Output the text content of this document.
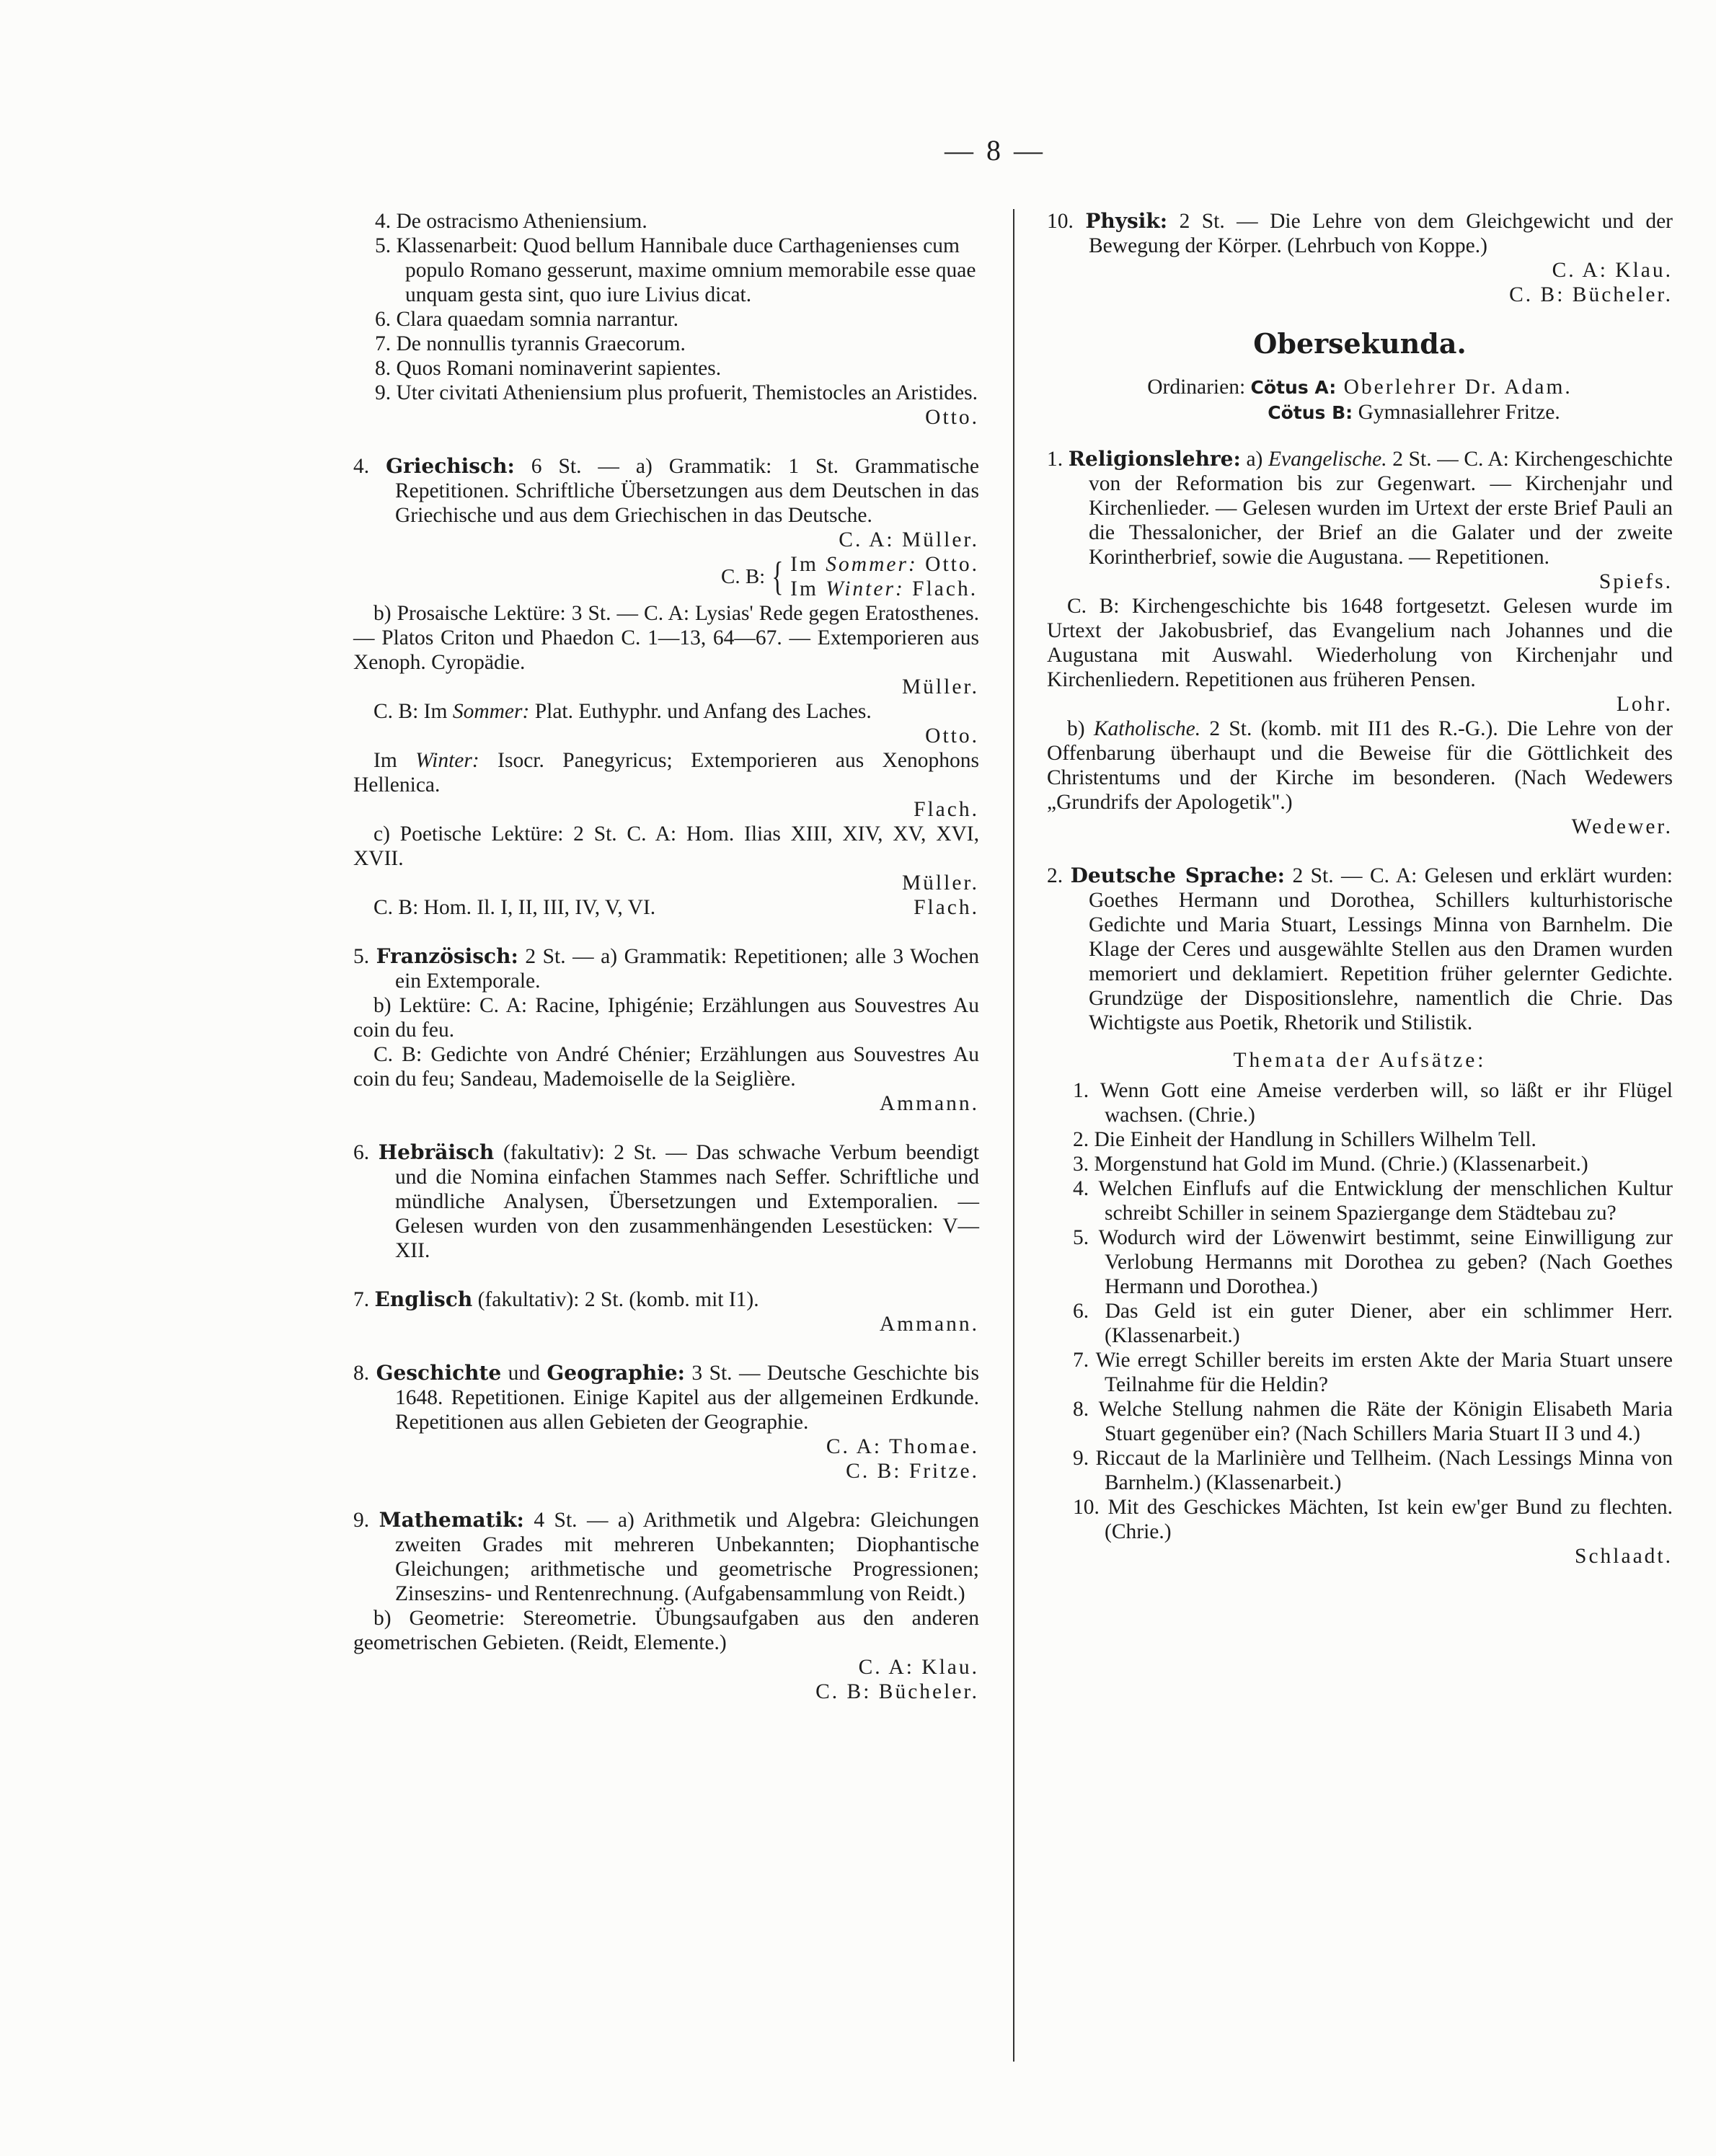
— 8 —
4. De ostracismo Atheniensium.
5. Klassenarbeit: Quod bellum Hannibale duce Carthagenienses cum populo Romano gesserunt, maxime omnium memorabile esse quae unquam gesta sint, quo iure Livius dicat.
6. Clara quaedam somnia narrantur.
7. De nonnullis tyrannis Graecorum.
8. Quos Romani nominaverint sapientes.
9. Uter civitati Atheniensium plus profuerit, Themistocles an Aristides.
Otto.
4. Griechisch: 6 St. — a) Grammatik: 1 St. Grammatische Repetitionen. Schriftliche Übersetzungen aus dem Deutschen in das Griechische und aus dem Griechischen in das Deutsche.
C. A: Müller.
C. B: { Im Sommer: Otto.
Im Winter: Flach.
b) Prosaische Lektüre: 3 St. — C. A: Lysias' Rede gegen Eratosthenes. — Platos Criton und Phaedon C. 1—13, 64—67. — Extemporieren aus Xenoph. Cyropädie.
Müller.
C. B: Im Sommer: Plat. Euthyphr. und Anfang des Laches.
Otto.
Im Winter: Isocr. Panegyricus; Extemporieren aus Xenophons Hellenica.
Flach.
c) Poetische Lektüre: 2 St. C. A: Hom. Ilias XIII, XIV, XV, XVI, XVII.
Müller.
C. B: Hom. Il. I, II, III, IV, V, VI.	Flach.
5. Französisch: 2 St. — a) Grammatik: Repetitionen; alle 3 Wochen ein Extemporale.
b) Lektüre: C. A: Racine, Iphigénie; Erzählungen aus Souvestres Au coin du feu.
C. B: Gedichte von André Chénier; Erzählungen aus Souvestres Au coin du feu; Sandeau, Mademoiselle de la Seiglière.
Ammann.
6. Hebräisch (fakultativ): 2 St. — Das schwache Verbum beendigt und die Nomina einfachen Stammes nach Seffer. Schriftliche und mündliche Analysen, Übersetzungen und Extemporalien. — Gelesen wurden von den zusammenhängenden Lesestücken: V—XII.
7. Englisch (fakultativ): 2 St. (komb. mit I1).
Ammann.
8. Geschichte und Geographie: 3 St. — Deutsche Geschichte bis 1648. Repetitionen. Einige Kapitel aus der allgemeinen Erdkunde. Repetitionen aus allen Gebieten der Geographie.
C. A: Thomae.
C. B: Fritze.
9. Mathematik: 4 St. — a) Arithmetik und Algebra: Gleichungen zweiten Grades mit mehreren Unbekannten; Diophantische Gleichungen; arithmetische und geometrische Progressionen; Zinseszins- und Rentenrechnung. (Aufgabensammlung von Reidt.)
b) Geometrie: Stereometrie. Übungsaufgaben aus den anderen geometrischen Gebieten. (Reidt, Elemente.)
C. A: Klau.
C. B: Bücheler.
10. Physik: 2 St. — Die Lehre von dem Gleichgewicht und der Bewegung der Körper. (Lehrbuch von Koppe.)
C. A: Klau.
C. B: Bücheler.
Obersekunda.
Ordinarien: Cötus A: Oberlehrer Dr. Adam.
Cötus B: Gymnasiallehrer Fritze.
1. Religionslehre: a) Evangelische. 2 St. — C. A: Kirchengeschichte von der Reformation bis zur Gegenwart. — Kirchenjahr und Kirchenlieder. — Gelesen wurden im Urtext der erste Brief Pauli an die Thessalonicher, der Brief an die Galater und der zweite Korintherbrief, sowie die Augustana. — Repetitionen.
Spiefs.
C. B: Kirchengeschichte bis 1648 fortgesetzt. Gelesen wurde im Urtext der Jakobusbrief, das Evangelium nach Johannes und die Augustana mit Auswahl. Wiederholung von Kirchenjahr und Kirchenliedern. Repetitionen aus früheren Pensen.
Lohr.
b) Katholische. 2 St. (komb. mit II1 des R.-G.). Die Lehre von der Offenbarung überhaupt und die Beweise für die Göttlichkeit des Christentums und der Kirche im besonderen. (Nach Wedewers „Grundrifs der Apologetik".)
Wedewer.
2. Deutsche Sprache: 2 St. — C. A: Gelesen und erklärt wurden: Goethes Hermann und Dorothea, Schillers kulturhistorische Gedichte und Maria Stuart, Lessings Minna von Barnhelm. Die Klage der Ceres und ausgewählte Stellen aus den Dramen wurden memoriert und deklamiert. Repetition früher gelernter Gedichte. Grundzüge der Dispositionslehre, namentlich die Chrie. Das Wichtigste aus Poetik, Rhetorik und Stilistik.
Themata der Aufsätze:
1. Wenn Gott eine Ameise verderben will, so läßt er ihr Flügel wachsen. (Chrie.)
2. Die Einheit der Handlung in Schillers Wilhelm Tell.
3. Morgenstund hat Gold im Mund. (Chrie.) (Klassenarbeit.)
4. Welchen Einflufs auf die Entwicklung der menschlichen Kultur schreibt Schiller in seinem Spaziergange dem Städtebau zu?
5. Wodurch wird der Löwenwirt bestimmt, seine Einwilligung zur Verlobung Hermanns mit Dorothea zu geben? (Nach Goethes Hermann und Dorothea.)
6. Das Geld ist ein guter Diener, aber ein schlimmer Herr. (Klassenarbeit.)
7. Wie erregt Schiller bereits im ersten Akte der Maria Stuart unsere Teilnahme für die Heldin?
8. Welche Stellung nahmen die Räte der Königin Elisabeth Maria Stuart gegenüber ein? (Nach Schillers Maria Stuart II 3 und 4.)
9. Riccaut de la Marlinière und Tellheim. (Nach Lessings Minna von Barnhelm.) (Klassenarbeit.)
10. Mit des Geschickes Mächten, Ist kein ew'ger Bund zu flechten. (Chrie.)
Schlaadt.
